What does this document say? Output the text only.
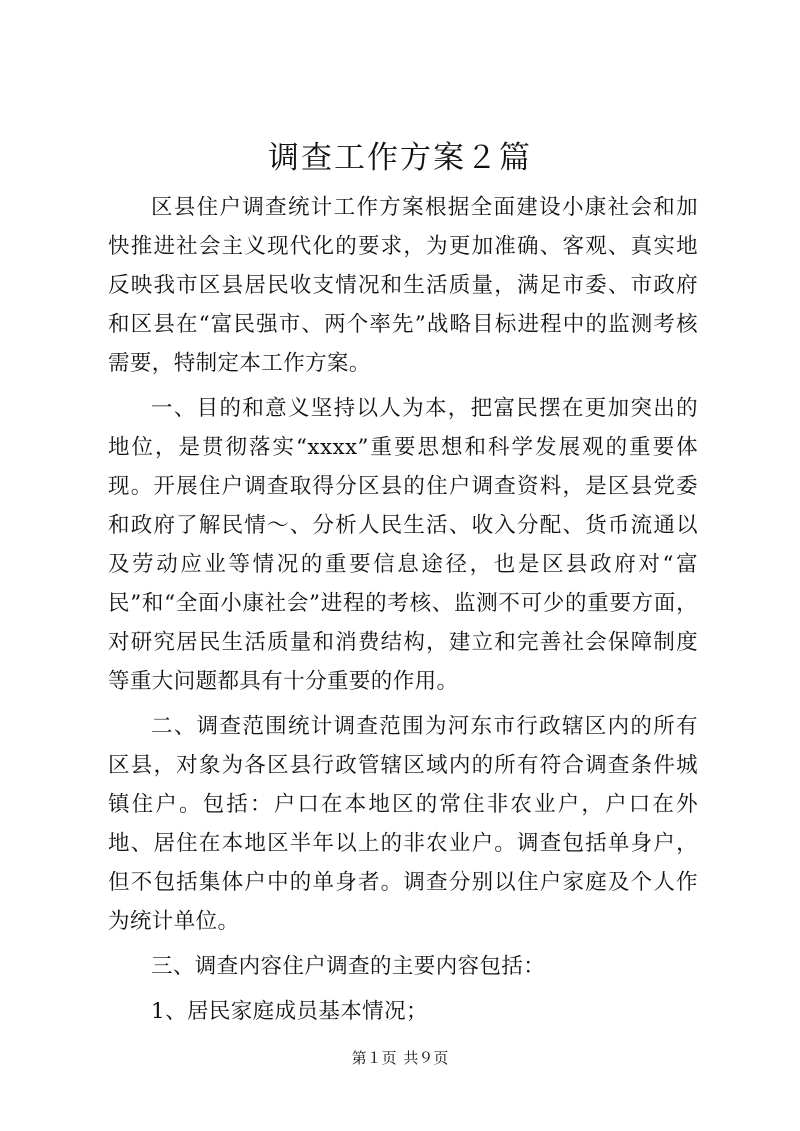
调查工作方案２篇

区县住户调查统计工作方案根据全面建设小康社会和加快推进社会主义现代化的要求，为更加准确、客观、真实地反映我市区县居民收支情况和生活质量，满足市委、市政府和区县在“富民强市、两个率先”战略目标进程中的监测考核需要，特制定本工作方案。

一、目的和意义坚持以人为本，把富民摆在更加突出的地位，是贯彻落实“xxxx”重要思想和科学发展观的重要体现。开展住户调查取得分区县的住户调查资料，是区县党委和政府了解民情～、分析人民生活、收入分配、货币流通以及劳动应业等情况的重要信息途径，也是区县政府对“富民”和“全面小康社会”进程的考核、监测不可少的重要方面，对研究居民生活质量和消费结构，建立和完善社会保障制度等重大问题都具有十分重要的作用。

二、调查范围统计调查范围为河东市行政辖区内的所有区县，对象为各区县行政管辖区域内的所有符合调查条件城镇住户。包括：户口在本地区的常住非农业户，户口在外地、居住在本地区半年以上的非农业户。调查包括单身户，但不包括集体户中的单身者。调查分别以住户家庭及个人作为统计单位。

三、调查内容住户调查的主要内容包括：

1、居民家庭成员基本情况；

第１页 共９页
